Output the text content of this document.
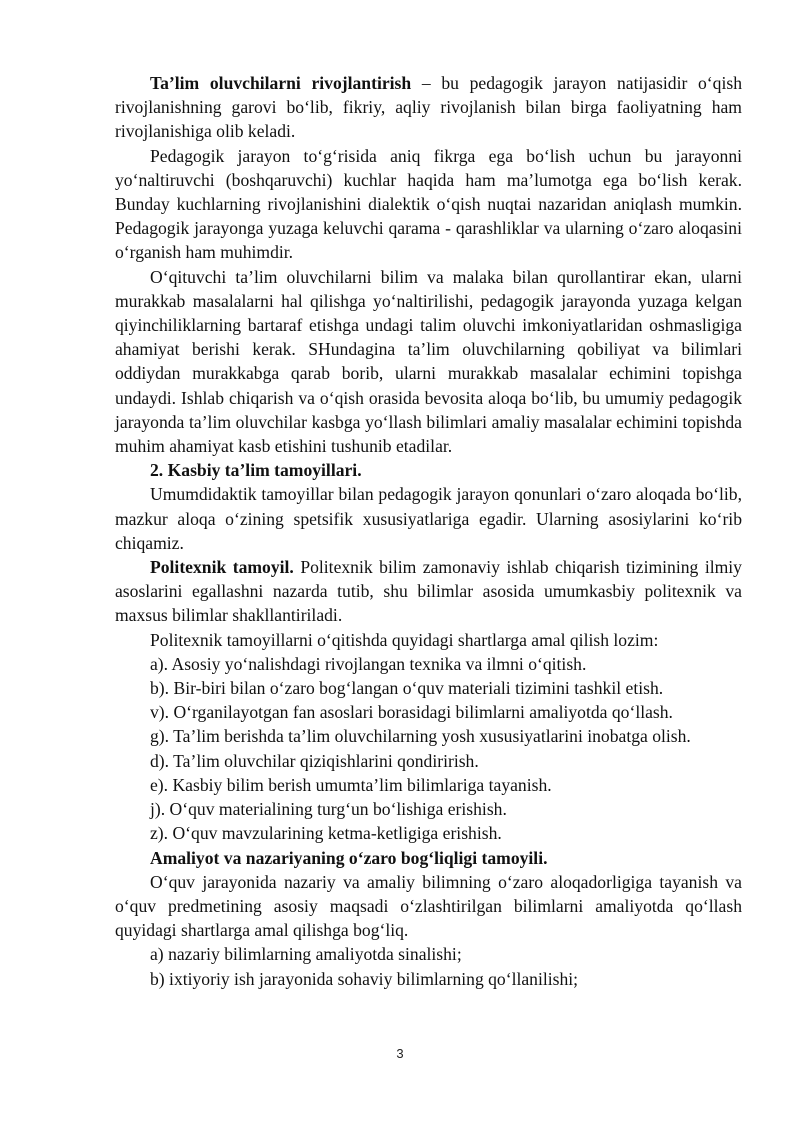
Ta’lim oluvchilarni rivojlantirish – bu pedagogik jarayon natijasidir o‘qish rivojlanishning garovi bo‘lib, fikriy, aqliy rivojlanish bilan birga faoliyatning ham rivojlanishiga olib keladi.

Pedagogik jarayon to‘g‘risida aniq fikrga ega bo‘lish uchun bu jarayonni yo‘naltiruvchi (boshqaruvchi) kuchlar haqida ham ma’lumotga ega bo‘lish kerak. Bunday kuchlarning rivojlanishini dialektik o‘qish nuqtai nazaridan aniqlash mumkin. Pedagogik jarayonga yuzaga keluvchi qarama - qarashliklar va ularning o‘zaro aloqasini o‘rganish ham muhimdir.

O‘qituvchi ta’lim oluvchilarni bilim va malaka bilan qurollantirar ekan, ularni murakkab masalalarni hal qilishga yo‘naltirilishi, pedagogik jarayonda yuzaga kelgan qiyinchiliklarning bartaraf etishga undagi talim oluvchi imkoniyatlaridan oshmasligiga ahamiyat berishi kerak. SHundagina ta’lim oluvchilarning qobiliyat va bilimlari oddiydan murakkabga qarab borib, ularni murakkab masalalar echimini topishga undaydi. Ishlab chiqarish va o‘qish orasida bevosita aloqa bo‘lib, bu umumiy pedagogik jarayonda ta’lim oluvchilar kasbga yo‘llash bilimlari amaliy masalalar echimini topishda muhim ahamiyat kasb etishini tushunib etadilar.

2. Kasbiy ta’lim tamoyillari.

Umumdidaktik tamoyillar bilan pedagogik jarayon qonunlari o‘zaro aloqada bo‘lib, mazkur aloqa o‘zining spetsifik xususiyatlariga egadir. Ularning asosiylarini ko‘rib chiqamiz.

Politexnik tamoyil. Politexnik bilim zamonaviy ishlab chiqarish tizimining ilmiy asoslarini egallashni nazarda tutib, shu bilimlar asosida umumkasbiy politexnik va maxsus bilimlar shakllantiriladi.

Politexnik tamoyillarni o‘qitishda quyidagi shartlarga amal qilish lozim:

a). Asosiy yo‘nalishdagi rivojlangan texnika va ilmni o‘qitish.

b). Bir-biri bilan o‘zaro bog‘langan o‘quv materiali tizimini tashkil etish.

v). O‘rganilayotgan fan asoslari borasidagi bilimlarni amaliyotda qo‘llash.

g). Ta’lim berishda ta’lim oluvchilarning yosh xususiyatlarini inobatga olish.

d). Ta’lim oluvchilar qiziqishlarini qondirirish.

e). Kasbiy bilim berish umumta’lim bilimlariga tayanish.

j). O‘quv materialining turg‘un bo‘lishiga erishish.

z). O‘quv mavzularining ketma-ketligiga erishish.

Amaliyot va nazariyaning o‘zaro bog‘liqligi tamoyili.

O‘quv jarayonida nazariy va amaliy bilimning o‘zaro aloqadorligiga tayanish va o‘quv predmetining asosiy maqsadi o‘zlashtirilgan bilimlarni amaliyotda qo‘llash quyidagi shartlarga amal qilishga bog‘liq.

a) nazariy bilimlarning amaliyotda sinalishi;

b) ixtiyoriy ish jarayonida sohaviy bilimlarning qo‘llanilishi;

3
